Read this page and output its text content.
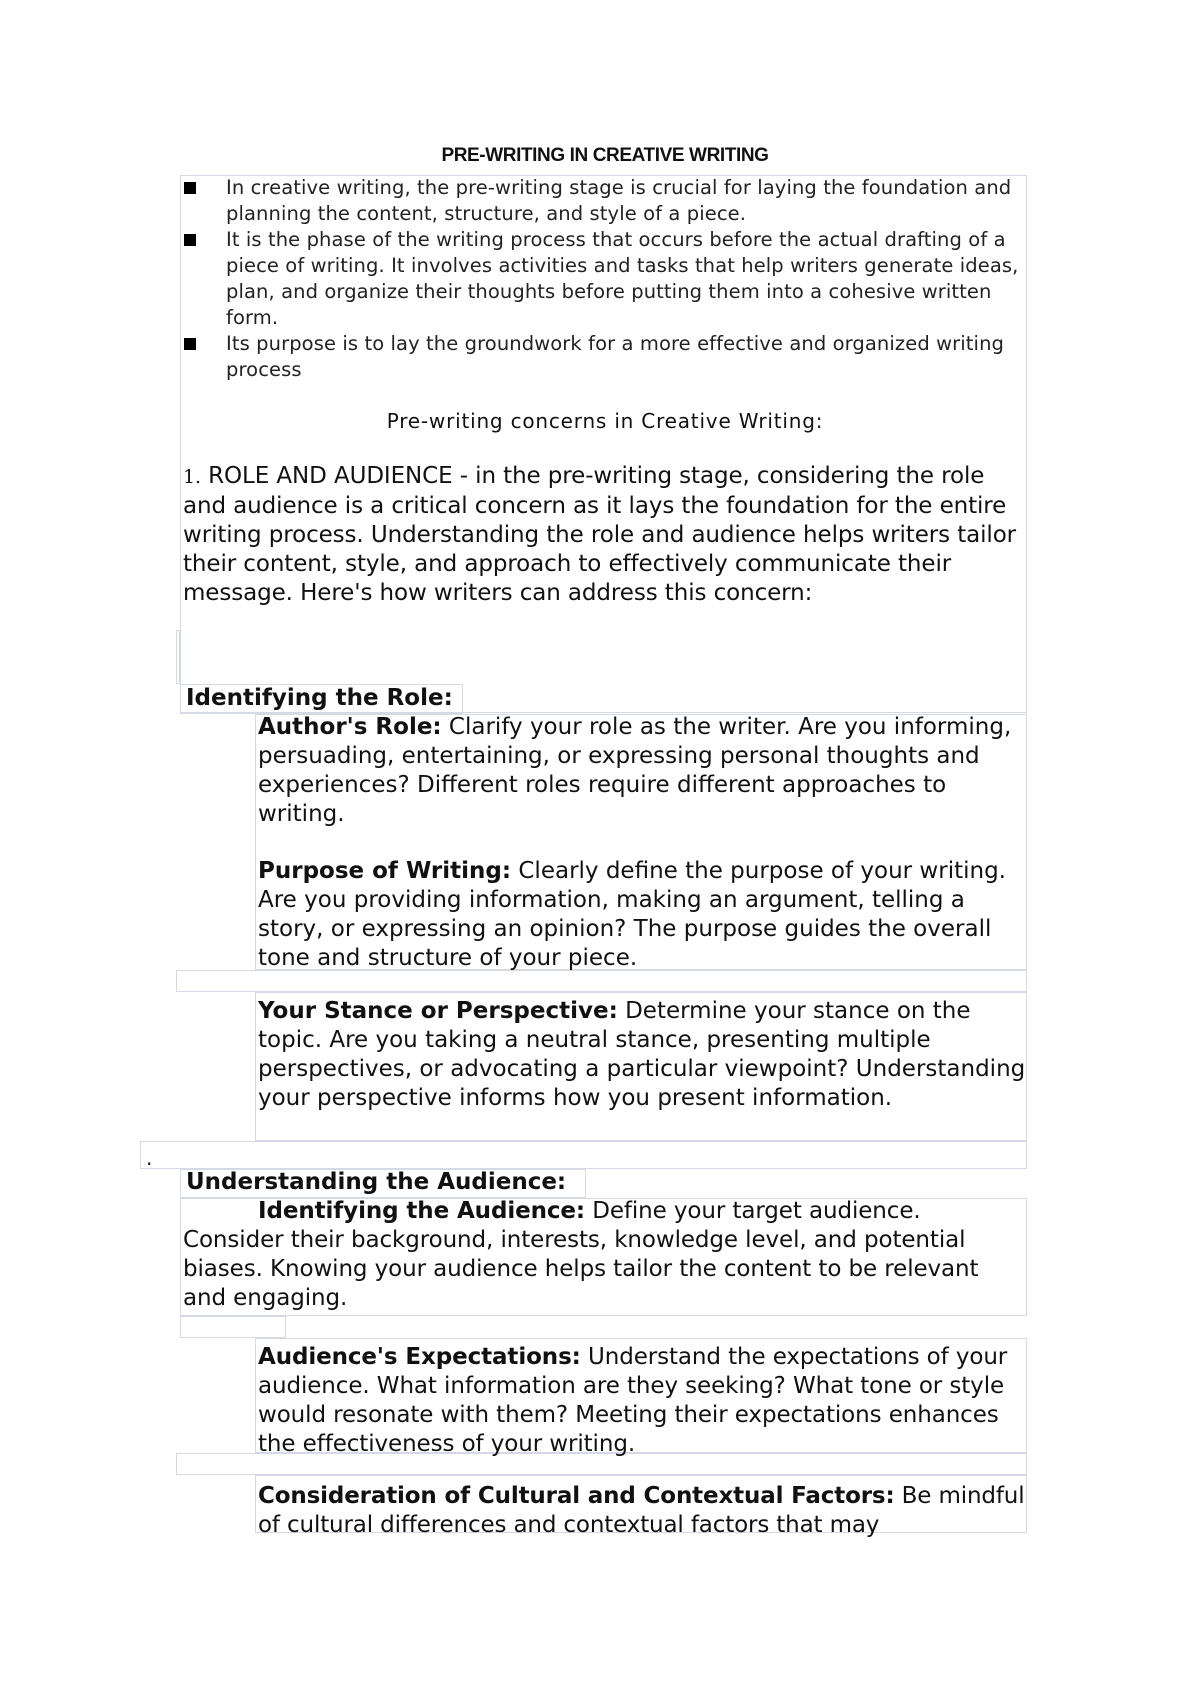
PRE-WRITING IN CREATIVE WRITING
In creative writing, the pre-writing stage is crucial for laying the foundation and planning the content, structure, and style of a piece.
It is the phase of the writing process that occurs before the actual drafting of a piece of writing. It involves activities and tasks that help writers generate ideas, plan, and organize their thoughts before putting them into a cohesive written form.
Its purpose is to lay the groundwork for a more effective and organized writing process
Pre-writing concerns in Creative Writing:

1. ROLE AND AUDIENCE - in the pre-writing stage, considering the role and audience is a critical concern as it lays the foundation for the entire writing process. Understanding the role and audience helps writers tailor their content, style, and approach to effectively communicate their message. Here's how writers can address this concern:

Identifying the Role:

Author's Role: Clarify your role as the writer. Are you informing, persuading, entertaining, or expressing personal thoughts and experiences? Different roles require different approaches to writing.

Purpose of Writing: Clearly define the purpose of your writing. Are you providing information, making an argument, telling a story, or expressing an opinion? The purpose guides the overall tone and structure of your piece.

Your Stance or Perspective: Determine your stance on the topic. Are you taking a neutral stance, presenting multiple perspectives, or advocating a particular viewpoint? Understanding your perspective informs how you present information.

.

Understanding the Audience:

Identifying the Audience: Define your target audience. Consider their background, interests, knowledge level, and potential biases. Knowing your audience helps tailor the content to be relevant and engaging.

Audience's Expectations: Understand the expectations of your audience. What information are they seeking? What tone or style would resonate with them? Meeting their expectations enhances the effectiveness of your writing.

Consideration of Cultural and Contextual Factors: Be mindful of cultural differences and contextual factors that may
